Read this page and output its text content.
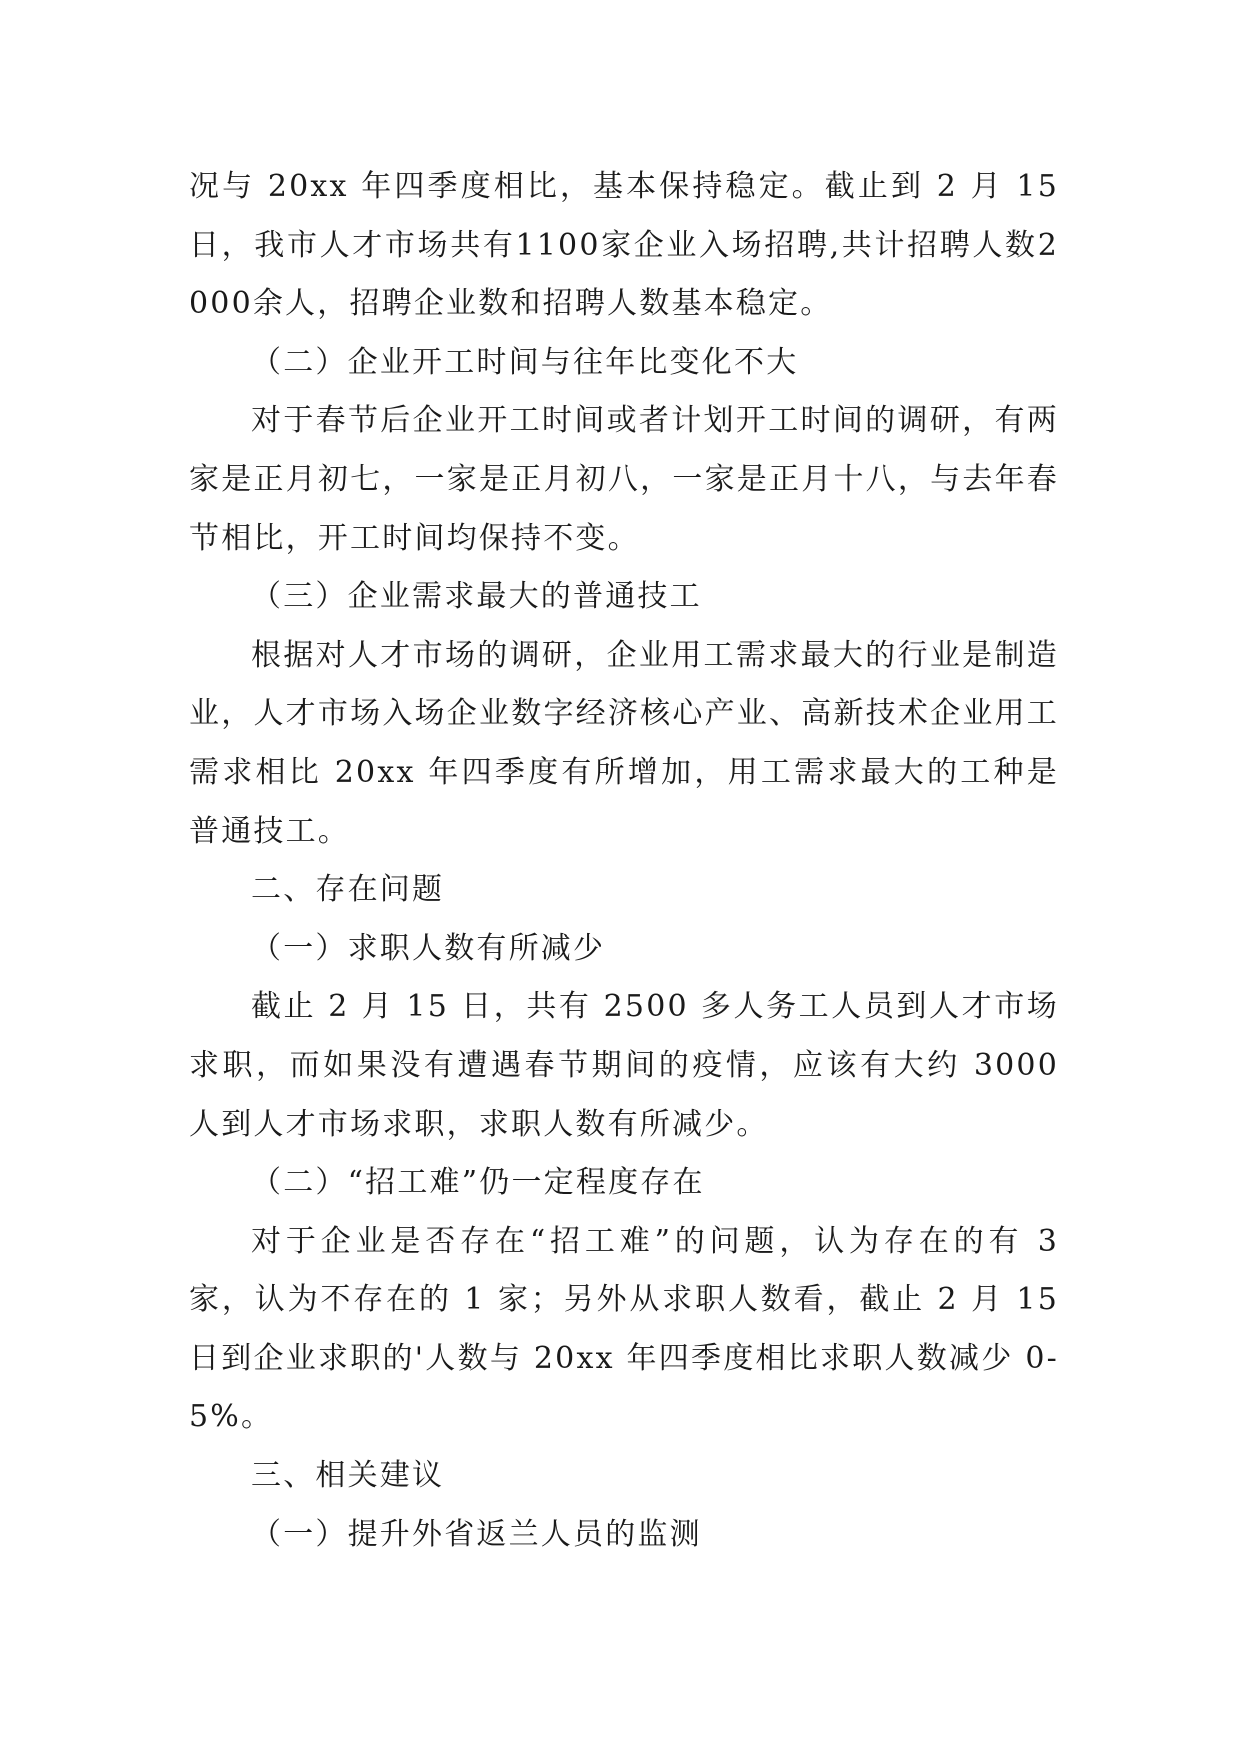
况与 20xx 年四季度相比，基本保持稳定。截止到 2 月 15 日，我市人才市场共有1100家企业入场招聘,共计招聘人数2000余人，招聘企业数和招聘人数基本稳定。

（二）企业开工时间与往年比变化不大

对于春节后企业开工时间或者计划开工时间的调研，有两家是正月初七，一家是正月初八，一家是正月十八，与去年春节相比，开工时间均保持不变。

（三）企业需求最大的普通技工

根据对人才市场的调研，企业用工需求最大的行业是制造业，人才市场入场企业数字经济核心产业、高新技术企业用工需求相比 20xx 年四季度有所增加，用工需求最大的工种是普通技工。

二、存在问题

（一）求职人数有所减少

截止 2 月 15 日，共有 2500 多人务工人员到人才市场求职，而如果没有遭遇春节期间的疫情，应该有大约 3000 人到人才市场求职，求职人数有所减少。

（二）“招工难”仍一定程度存在

对于企业是否存在“招工难”的问题，认为存在的有 3 家，认为不存在的 1 家；另外从求职人数看，截止 2 月 15 日到企业求职的'人数与 20xx 年四季度相比求职人数减少 0-5%。

三、相关建议

（一）提升外省返兰人员的监测
